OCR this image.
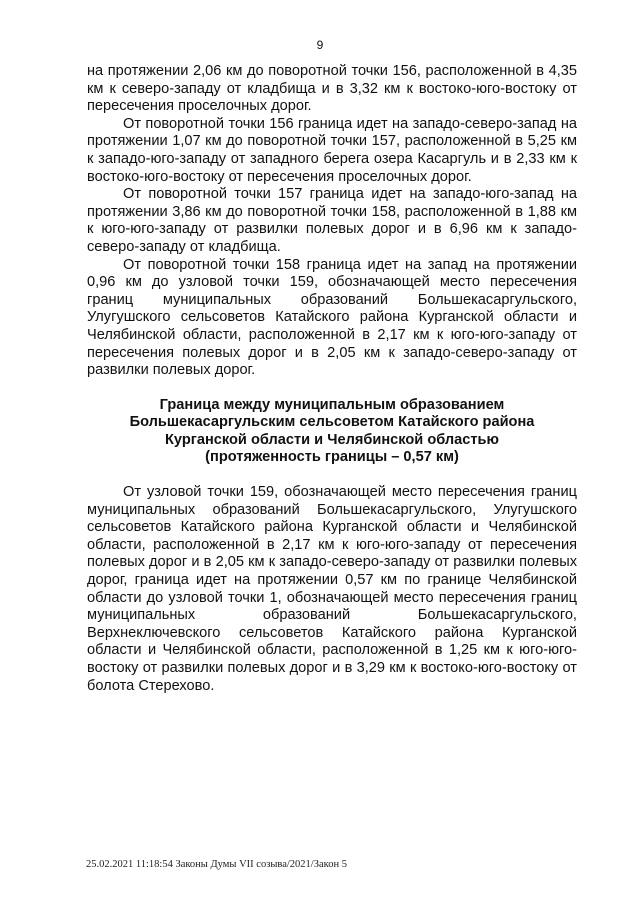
9

на протяжении 2,06 км до поворотной точки 156, расположенной в 4,35 км к северо-западу от кладбища и в 3,32 км к востоко-юго-востоку от пересечения проселочных дорог.

От поворотной точки 156 граница идет на западо-северо-запад на протяжении 1,07 км до поворотной точки 157, расположенной в 5,25 км к западо-юго-западу от западного берега озера Касаргуль и в 2,33 км к востоко-юго-востоку от пересечения проселочных дорог.

От поворотной точки 157 граница идет на западо-юго-запад на протяжении 3,86 км до поворотной точки 158, расположенной в 1,88 км к юго-юго-западу от развилки полевых дорог и в 6,96 км к западо-северо-западу от кладбища.

От поворотной точки 158 граница идет на запад на протяжении 0,96 км до узловой точки 159, обозначающей место пересечения границ муниципальных образований Большекасаргульского, Улугушского сельсоветов Катайского района Курганской области и Челябинской области, расположенной в 2,17 км к юго-юго-западу от пересечения полевых дорог и в 2,05 км к западо-северо-западу от развилки полевых дорог.

Граница между муниципальным образованием
Большекасаргульским сельсоветом Катайского района
Курганской области и Челябинской областью
(протяженность границы – 0,57 км)

От узловой точки 159, обозначающей место пересечения границ муниципальных образований Большекасаргульского, Улугушского сельсоветов Катайского района Курганской области и Челябинской области, расположенной в 2,17 км к юго-юго-западу от пересечения полевых дорог и в 2,05 км к западо-северо-западу от развилки полевых дорог, граница идет на протяжении 0,57 км по границе Челябинской области до узловой точки 1, обозначающей место пересечения границ муниципальных образований Большекасаргульского, Верхнеключевского сельсоветов Катайского района Курганской области и Челябинской области, расположенной в 1,25 км к юго-юго-востоку от развилки полевых дорог и в 3,29 км к востоко-юго-востоку от болота Стерехово.

25.02.2021 11:18:54 Законы Думы VII созыва/2021/Закон 5
